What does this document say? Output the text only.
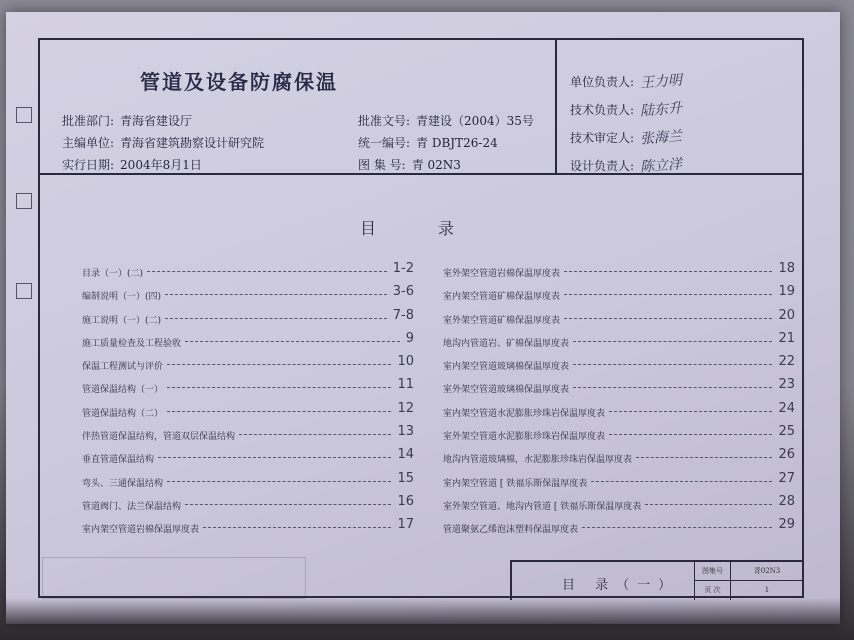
管道及设备防腐保温
批准部门: 青海省建设厅
主编单位: 青海省建筑勘察设计研究院
实行日期: 2004年8月1日
批准文号: 青建设（2004）35号
统一编号: 青 DBJT26-24
图 集 号: 青 02N3
单位负责人: 王力明
技术负责人: 陆东升
技术审定人: 张海兰
设计负责人: 陈立洋
目录
目录（一）(二)	1-2
编制说明（一）(四)	3-6
施工说明（一）(二)	7-8
施工质量检查及工程验收	9
保温工程测试与评价	10
管道保温结构（一）	11
管道保温结构（二）	12
伴热管道保温结构，管道双层保温结构	13
垂直管道保温结构	14
弯头、三通保温结构	15
管道阀门、法兰保温结构	16
室内架空管道岩棉保温厚度表	17
室外架空管道岩棉保温厚度表	18
室内架空管道矿棉保温厚度表	19
室外架空管道矿棉保温厚度表	20
地沟内管道岩、矿棉保温厚度表	21
室内架空管道玻璃棉保温厚度表	22
室外架空管道玻璃棉保温厚度表	23
室内架空管道水泥膨胀珍珠岩保温厚度表	24
室外架空管道水泥膨胀珍珠岩保温厚度表	25
地沟内管道玻璃棉，水泥膨胀珍珠岩保温厚度表	26
室内架空管道 [ 铁福乐斯保温厚度表	27
室外架空管道、地沟内管道 [ 铁福乐斯保温厚度表	28
管道聚氨乙烯泡沫塑料保温厚度表	29
目 录（一）
图集号	青02N3
页 次	1
